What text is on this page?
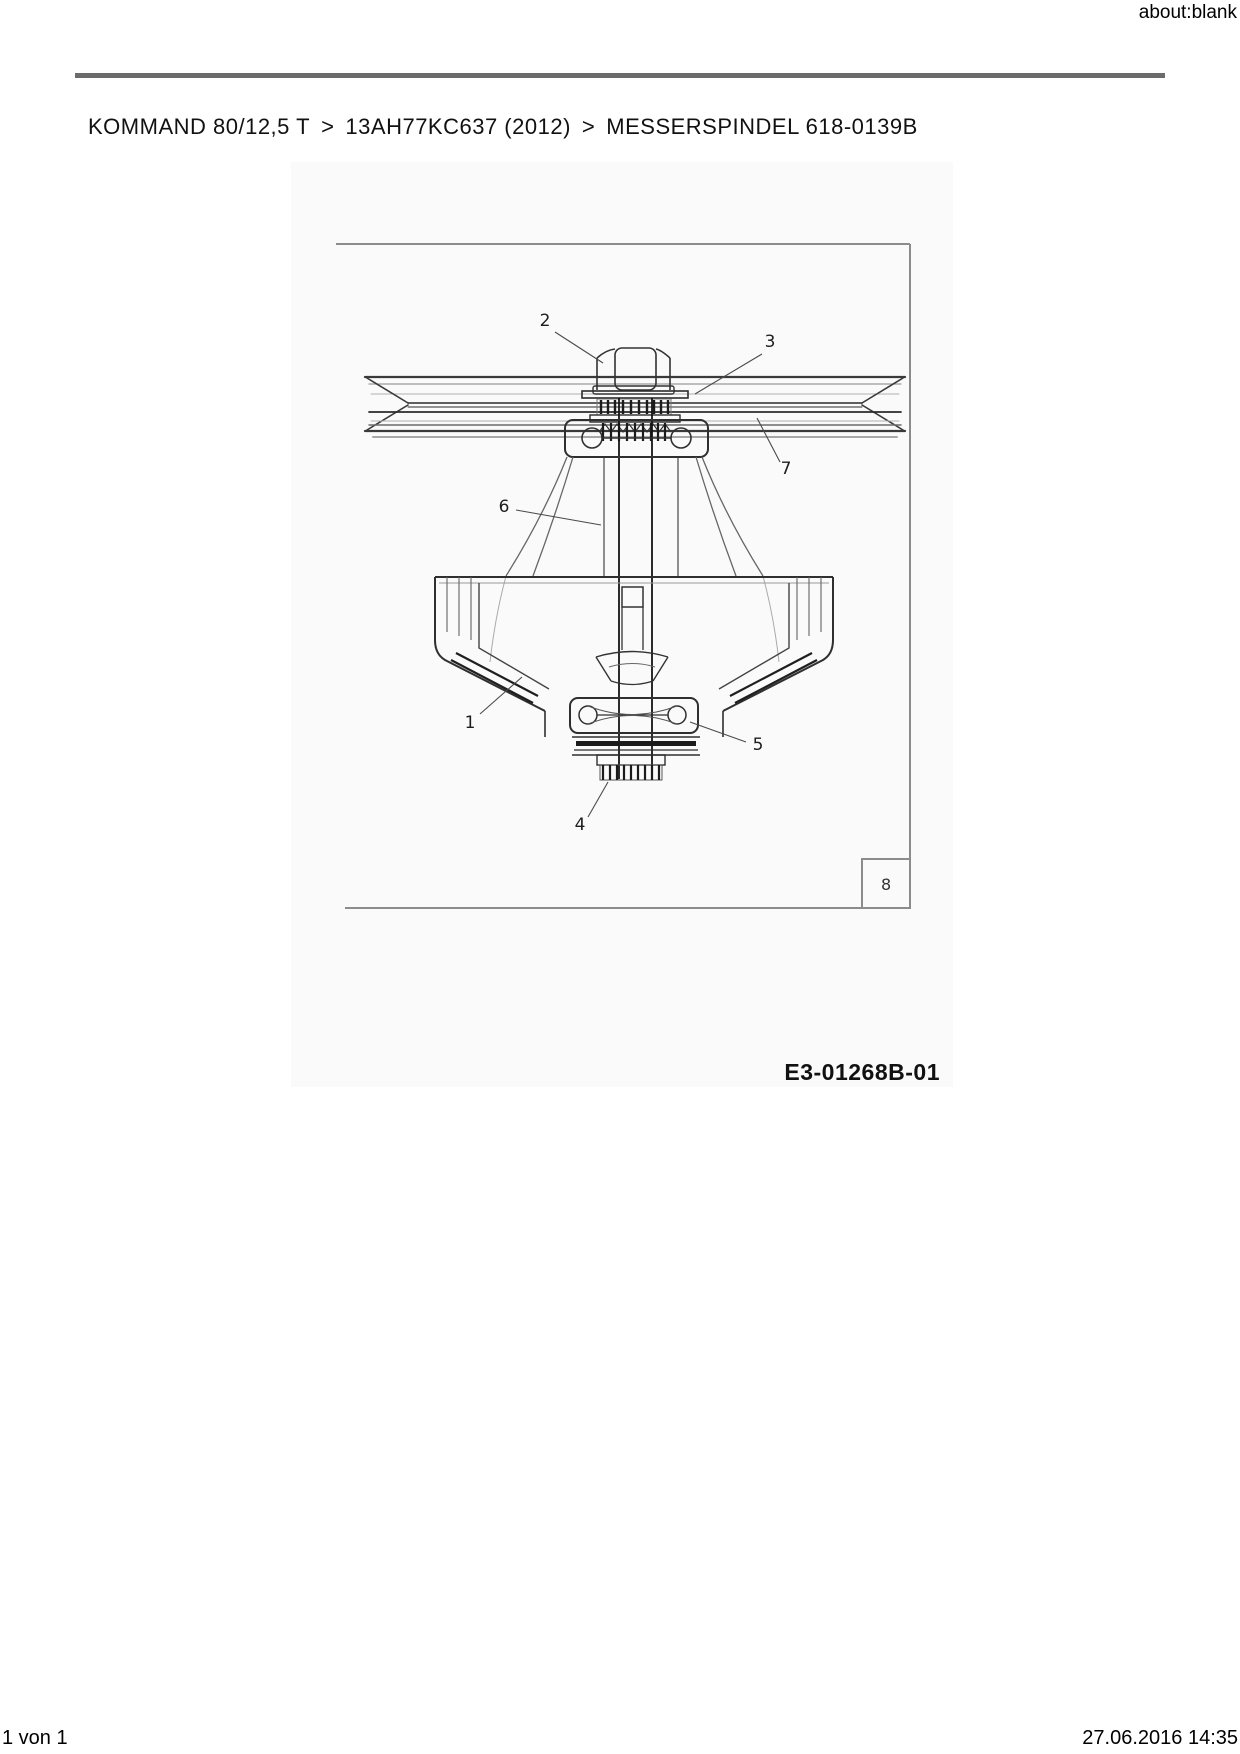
about:blank
KOMMAND 80/12,5 T > 13AH77KC637 (2012) > MESSERSPINDEL 618-0139B
8
1
2
3
4
5
6
7
E3-01268B-01
1 von 1	27.06.2016 14:35
